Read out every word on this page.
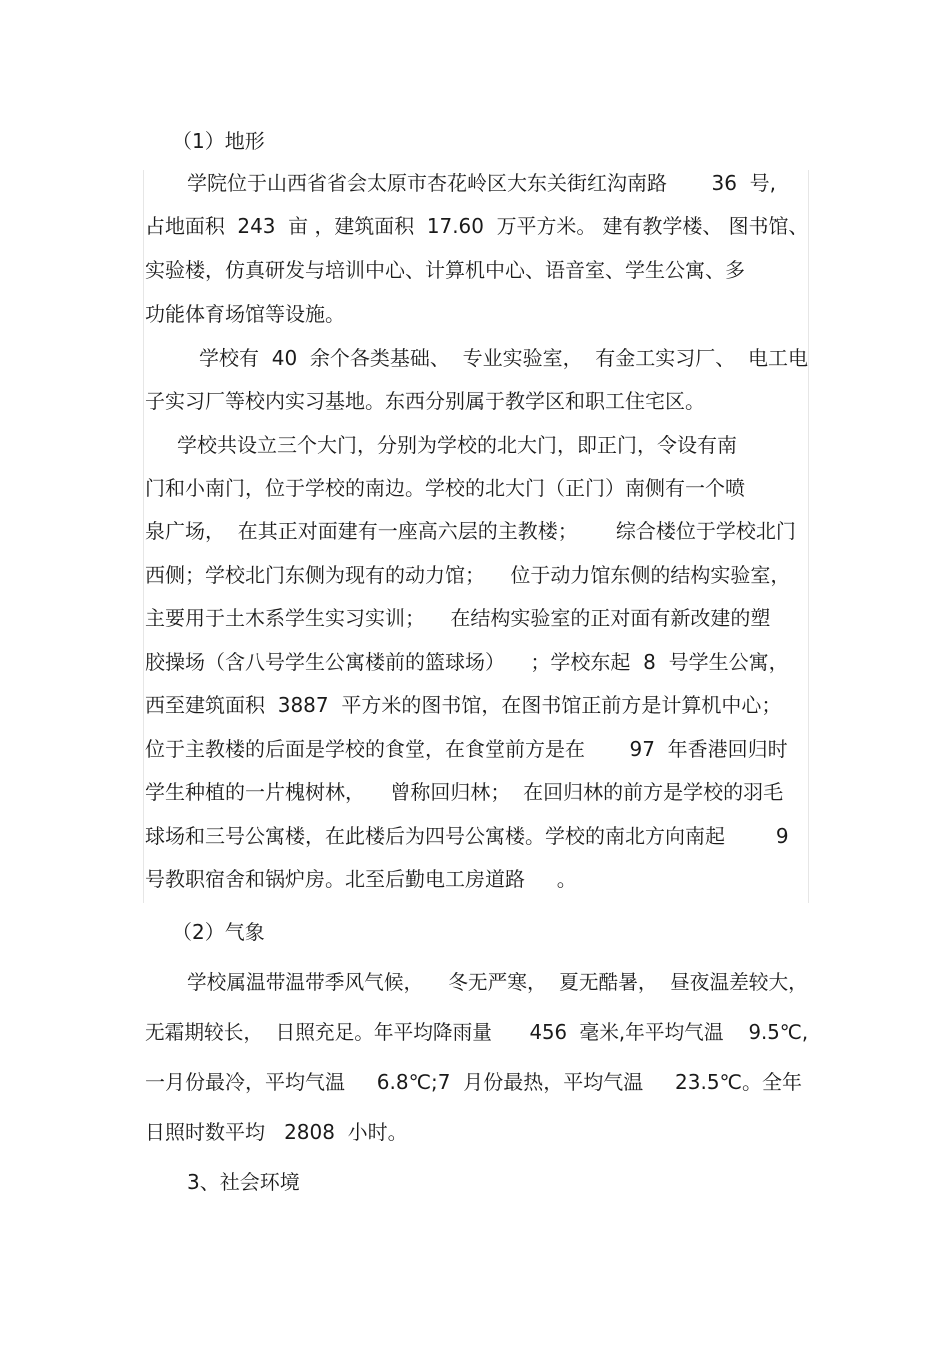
（1）地形
学院位于山西省省会太原市杏花岭区大东关街红沟南路       36  号,
占地面积  243  亩 ，建筑面积  17.60  万平方米。 建有教学楼、 图书馆、
实验楼，仿真研发与培训中心、计算机中心、语音室、学生公寓、多
功能体育场馆等设施。
学校有  40  余个各类基础、  专业实验室，  有金工实习厂、  电工电
子实习厂等校内实习基地。东西分别属于教学区和职工住宅区。
学校共设立三个大门，分别为学校的北大门，即正门，令设有南
门和小南门，位于学校的南边。学校的北大门（正门）南侧有一个喷
泉广场，  在其正对面建有一座高六层的主教楼；      综合楼位于学校北门
西侧；学校北门东侧为现有的动力馆；    位于动力馆东侧的结构实验室，
主要用于土木系学生实习实训；    在结构实验室的正对面有新改建的塑
胶操场（含八号学生公寓楼前的篮球场）    ；学校东起  8  号学生公寓，
西至建筑面积  3887  平方米的图书馆，在图书馆正前方是计算机中心；
位于主教楼的后面是学校的食堂，在食堂前方是在       97  年香港回归时
学生种植的一片槐树林，    曾称回归林；  在回归林的前方是学校的羽毛
球场和三号公寓楼，在此楼后为四号公寓楼。学校的南北方向南起        9
号教职宿舍和锅炉房。北至后勤电工房道路     。
（2）气象
学校属温带温带季风气候，    冬无严寒，  夏无酷暑，  昼夜温差较大，
无霜期较长，  日照充足。年平均降雨量      456  毫米,年平均气温    9.5℃,
一月份最冷，平均气温     6.8℃;7  月份最热，平均气温     23.5℃。全年
日照时数平均   2808  小时。
3、社会环境
